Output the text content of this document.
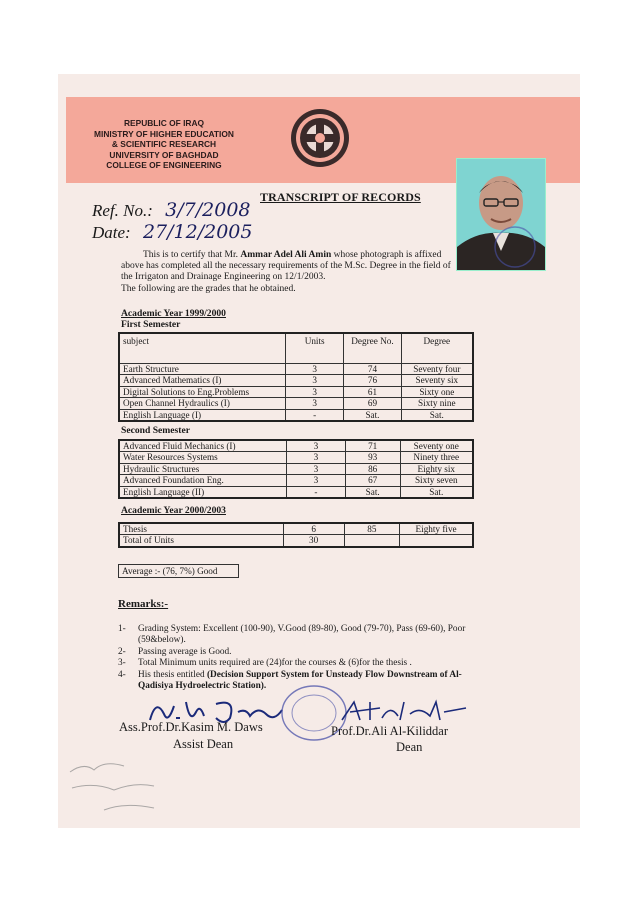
REPUBLIC OF IRAQ
MINISTRY OF HIGHER EDUCATION
& SCIENTIFIC RESEARCH
UNIVERSITY OF BAGHDAD
COLLEGE OF ENGINEERING
TRANSCRIPT OF RECORDS
Ref. No.: 3/7/2008
Date: 27/12/2005

This is to certify that Mr. Ammar Adel Ali Amin whose photograph is affixed above has completed all the necessary requirements of the M.Sc. Degree in the field of the Irrigaton and Drainage Engineering on 12/1/2003.

The following are the grades that he obtained.

Academic Year 1999/2000
First Semester
subject	Units	Degree No.	Degree
Earth Structure	3	74	Seventy four
Advanced Mathematics (I)	3	76	Seventy six
Digital Solutions to Eng.Problems	3	61	Sixty one
Open Channel Hydraulics (I)	3	69	Sixty nine
English Language (I)	-	Sat.	Sat.
Second Semester
Advanced Fluid Mechanics (I)	3	71	Seventy one
Water Resources Systems	3	93	Ninety three
Hydraulic Structures	3	86	Eighty six
Advanced Foundation Eng.	3	67	Sixty seven
English Language (II)	-	Sat.	Sat.
Academic Year 2000/2003
Thesis	6	85	Eighty five
Total of Units	30		
Average :- (76, 7%) Good
Remarks:-
1-	Grading System: Excellent (100-90), V.Good (89-80), Good (79-70), Pass (69-60), Poor (59&below).
2-	Passing average is Good.
3-	Total Minimum units required are (24)for the courses & (6)for the thesis .
4-	His thesis entitled (Decision Support System for Unsteady Flow Downstream of Al-Qadisiya Hydroelectric Station).
Ass.Prof.Dr.Kasim M. Daws
Assist Dean
Prof.Dr.Ali Al-Kiliddar
Dean
